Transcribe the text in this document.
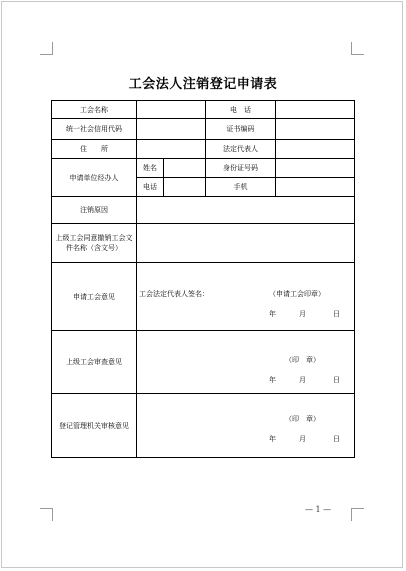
工会法人注销登记申请表
工会名称			电　话	
统一社会信用代码			证书编码	
住　　所			法定代表人	
申请单位经办人	姓名		身份证号码	
	电话		手机	
注销原因				
上级工会同意撤销工会文件名称（含文号）				
申请工会意见	工会法定代表人签名： （申请工会印章）
年 月 日			

上级工会审查意见	（印　章）
年 月 日			

登记管理机关审核意见	（印　章）
年 月 日			
— 1 —
